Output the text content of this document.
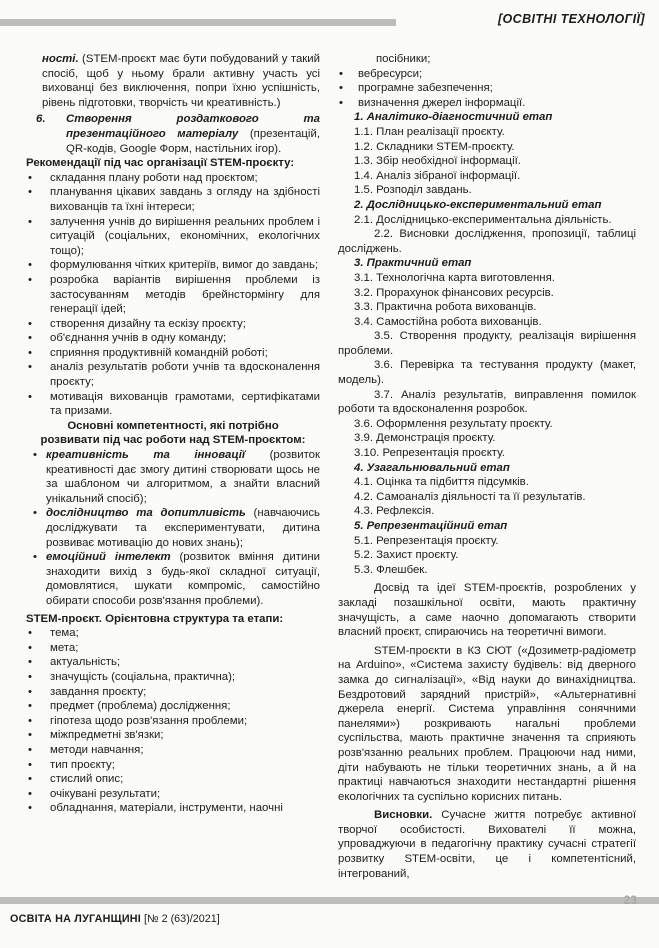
[ОСВІТНІ ТЕХНОЛОГІЇ]

ності. (STEM-проєкт має бути побудований у такий спосіб, щоб у ньому брали активну участь усі вихованці без виключення, попри їхню успішність, рівень підготовки, творчість чи креативність.)

6.	Створення роздаткового та презентаційного матеріалу (презентацій, QR-кодів, Google Форм, настільних ігор).

Рекомендації під час організації STEM-проєкту:

•	складання плану роботи над проєктом;
•	планування цікавих завдань з огляду на здібності вихованців та їхні інтереси;
•	залучення учнів до вирішення реальних проблем і ситуацій (соціальних, економічних, екологічних тощо);
•	формулювання чітких критеріїв, вимог до завдань;
•	розробка варіантів вирішення проблеми із застосуванням методів брейнстормінгу для генерації ідей;
•	створення дизайну та ескізу проєкту;
•	об'єднання учнів в одну команду;
•	сприяння продуктивній командній роботі;
•	аналіз результатів роботи учнів та вдосконалення проєкту;
•	мотивація вихованців грамотами, сертифікатами та призами.

Основні компетентності, які потрібно

розвивати під час роботи над STEM-проєктом:

• креативність та інновації (розвиток креативності дає змогу дитині створювати щось не за шаблоном чи алгоритмом, а знайти власний унікальний спосіб);
• дослідництво та допитливість (навчаючись досліджувати та експериментувати, дитина розвиває мотивацію до нових знань);
• емоційний інтелект (розвиток вміння дитини знаходити вихід з будь-якої складної ситуації, домовлятися, шукати компроміс, самостійно обирати способи розв'язання проблеми).

STEM-проєкт. Орієнтовна структура та етапи:

•	тема;
•	мета;
•	актуальність;
•	значущість (соціальна, практична);
•	завдання проєкту;
•	предмет (проблема) дослідження;
•	гіпотеза щодо розв'язання проблеми;
•	міжпредметні зв'язки;
•	методи навчання;
•	тип проєкту;
•	стислий опис;
•	очікувані результати;
•	обладнання, матеріали, інструменти, наочні

посібники;

•	вебресурси;
•	програмне забезпечення;
•	визначення джерел інформації.

1. Аналітико-діагностичний етап

1.1. План реалізації проєкту.

1.2. Складники STEM-проєкту.

1.3. Збір необхідної інформації.

1.4. Аналіз зібраної інформації.

1.5. Розподіл завдань.

2. Дослідницько-експериментальний етап

2.1. Дослідницько-експериментальна діяльність.

2.2. Висновки дослідження, пропозиції, таблиці досліджень.

3. Практичний етап

3.1. Технологічна карта виготовлення.

3.2. Прорахунок фінансових ресурсів.

3.3. Практична робота вихованців.

3.4. Самостійна робота вихованців.

3.5. Створення продукту, реалізація вирішення проблеми.

3.6. Перевірка та тестування продукту (макет, модель).

3.7. Аналіз результатів, виправлення помилок роботи та вдосконалення розробок.

3.6. Оформлення результату проєкту.

3.9. Демонстрація проєкту.

3.10. Репрезентація проєкту.

4. Узагальнювальний етап

4.1. Оцінка та підбиття підсумків.

4.2. Самоаналіз діяльності та її результатів.

4.3. Рефлексія.

5. Репрезентаційний етап

5.1. Репрезентація проєкту.

5.2. Захист проєкту.

5.3. Флешбек.

Досвід та ідеї STEM-проєктів, розроблених у закладі позашкільної освіти, мають практичну значущість, а саме наочно допомагають створити власний проєкт, спираючись на теоретичні вимоги.

STEM-проєкти в КЗ СЮТ («Дозиметр-радіометр на Arduino», «Система захисту будівель: від дверного замка до сигналізації», «Від науки до винахідництва. Бездротовий зарядний пристрій», «Альтернативні джерела енергії. Система управління сонячними панелями») розкривають нагальні проблеми суспільства, мають практичне значення та сприяють розв'язанню реальних проблем. Працюючи над ними, діти набувають не тільки теоретичних знань, а й на практиці навчаються знаходити нестандартні рішення екологічних та суспільно корисних питань.

Висновки. Сучасне життя потребує активної творчої особистості. Вихователі її можна, упроваджуючи в педагогічну практику сучасні стратегії розвитку STEM-освіти, це і компетентісний, інтегрований,

23
ОСВІТА НА ЛУГАНЩИНІ [№ 2 (63)/2021]
